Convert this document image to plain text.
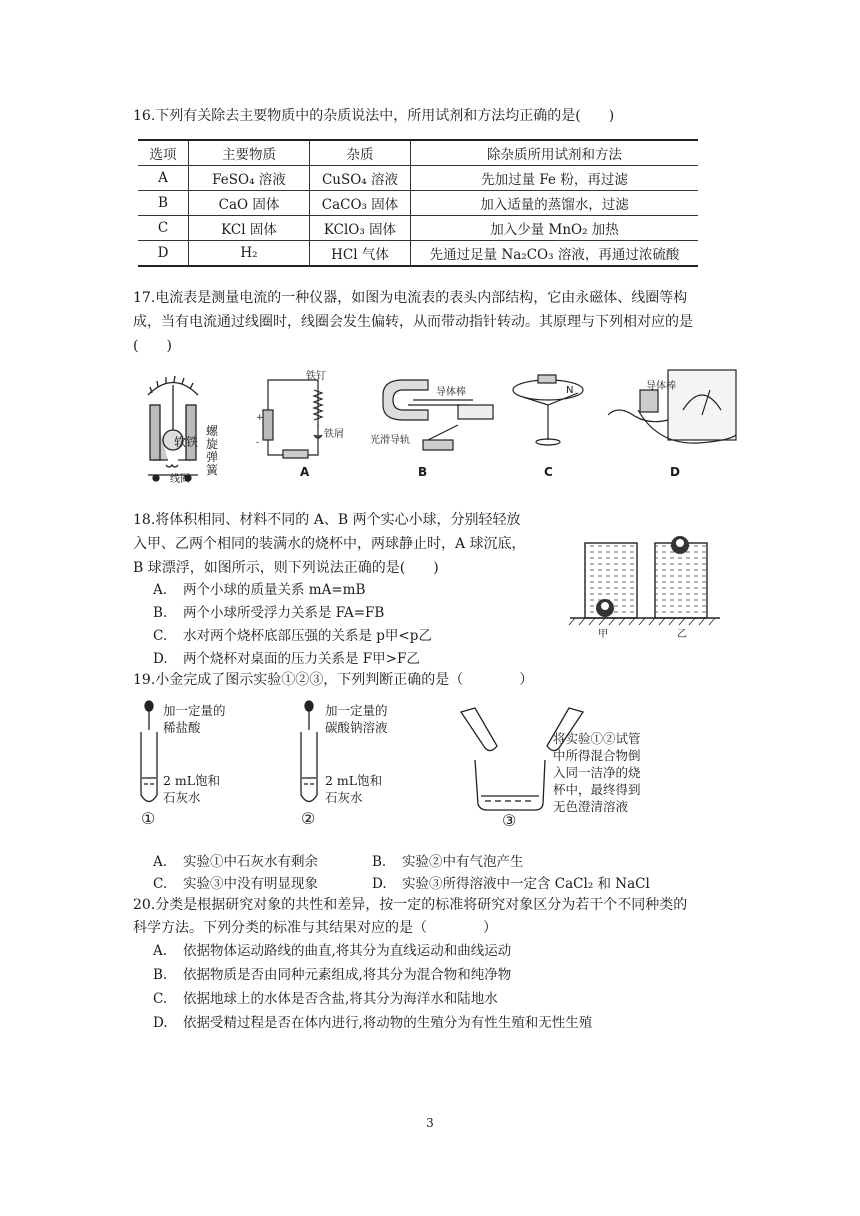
16.下列有关除去主要物质中的杂质说法中，所用试剂和方法均正确的是(　　)
选项	主要物质	杂质	除杂质所用试剂和方法
A	FeSO₄ 溶液	CuSO₄ 溶液	先加过量 Fe 粉，再过滤
B	CaO 固体	CaCO₃ 固体	加入适量的蒸馏水，过滤
C	KCl 固体	KClO₃ 固体	加入少量 MnO₂ 加热
D	H₂	HCl 气体	先通过足量 Na₂CO₃ 溶液，再通过浓硫酸
17.电流表是测量电流的一种仪器，如图为电流表的表头内部结构，它由永磁体、线圈等构
成，当有电流通过线圈时，线圈会发生偏转，从而带动指针转动。其原理与下列相对应的是
(　　)
+
-
软铁
螺旋弹簧
线圈
铁钉
铁屑
导体棒
光滑导轨
N	导体棒
A	B	C	D
18.将体积相同、材料不同的 A、B 两个实心小球，分别轻轻放
入甲、乙两个相同的装满水的烧杯中，两球静止时，A 球沉底，
B 球漂浮，如图所示，则下列说法正确的是(　　)
A. 两个小球的质量关系 mA=mB
B. 两个小球所受浮力关系是 FA=FB
C. 水对两个烧杯底部压强的关系是 p甲<p乙
D. 两个烧杯对桌面的压力关系是 F甲>F乙
甲	乙
19.小金完成了图示实验①②③，下列判断正确的是（　　　　）
加一定量的
稀盐酸
2 mL饱和
石灰水
①
加一定量的
碳酸钠溶液
2 mL饱和
石灰水
②
将实验①②试管
中所得混合物倒
入同一洁净的烧
杯中，最终得到
无色澄清溶液
③
A. 实验①中石灰水有剩余	B. 实验②中有气泡产生
C. 实验③中没有明显现象	D. 实验③所得溶液中一定含 CaCl₂ 和 NaCl
20.分类是根据研究对象的共性和差异，按一定的标准将研究对象区分为若干个不同种类的
科学方法。下列分类的标准与其结果对应的是（　　　　）
A. 依据物体运动路线的曲直,将其分为直线运动和曲线运动
B. 依据物质是否由同种元素组成,将其分为混合物和纯净物
C. 依据地球上的水体是否含盐,将其分为海洋水和陆地水
D. 依据受精过程是否在体内进行,将动物的生殖分为有性生殖和无性生殖
3
